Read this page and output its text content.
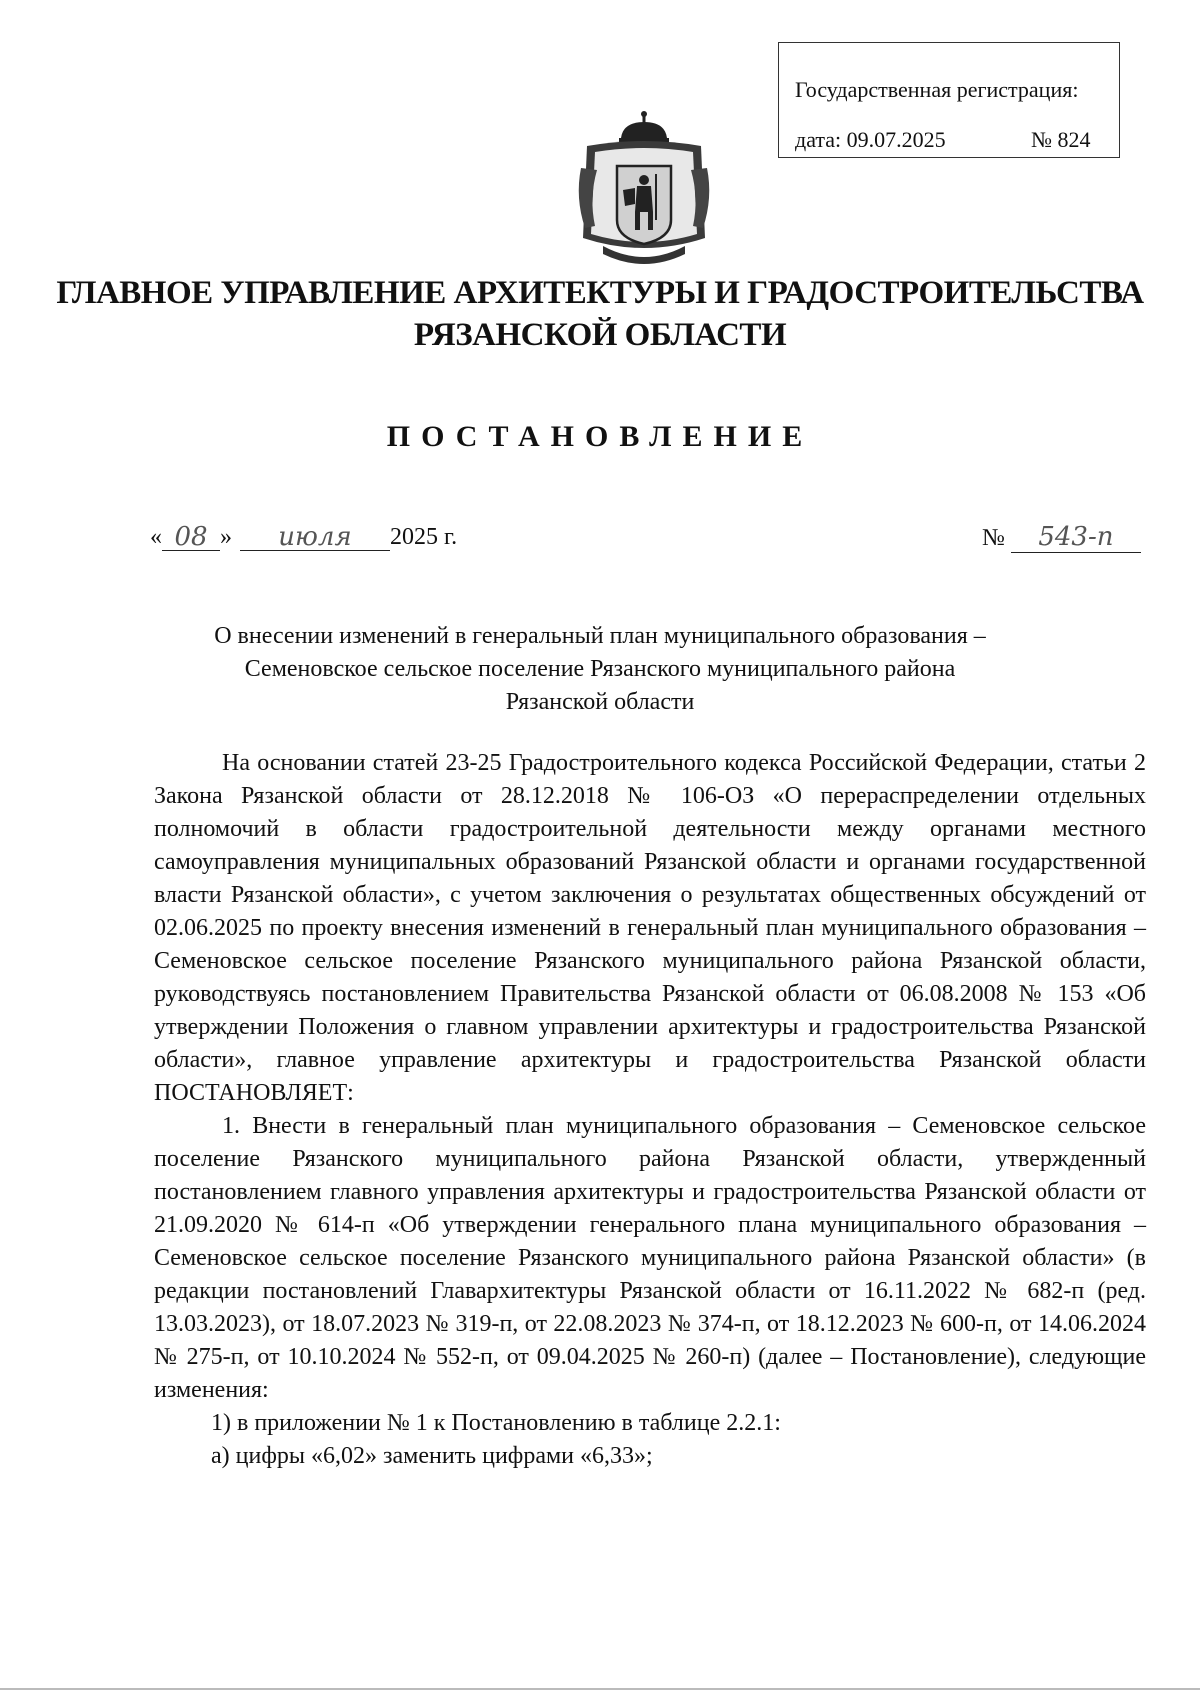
Государственная регистрация:
дата: 09.07.2025	№ 824
ГЛАВНОЕ УПРАВЛЕНИЕ АРХИТЕКТУРЫ И ГРАДОСТРОИТЕЛЬСТВА
РЯЗАНСКОЙ ОБЛАСТИ
ПОСТАНОВЛЕНИЕ
« 08 » июля 2025 г.	№ 543-п
О внесении изменений в генеральный план муниципального образования –
Семеновское сельское поселение Рязанского муниципального района
Рязанской области

На основании статей 23-25 Градостроительного кодекса Российской Федерации, статьи 2 Закона Рязанской области от 28.12.2018 № 106-ОЗ «О перераспределении отдельных полномочий в области градостроительной деятельности между органами местного самоуправления муниципальных образований Рязанской области и органами государственной власти Рязанской области», с учетом заключения о результатах общественных обсуждений от 02.06.2025 по проекту внесения изменений в генеральный план муниципального образования – Семеновское сельское поселение Рязанского муниципального района Рязанской области, руководствуясь постановлением Правительства Рязанской области от 06.08.2008 № 153 «Об утверждении Положения о главном управлении архитектуры и градостроительства Рязанской области», главное управление архитектуры и градостроительства Рязанской области ПОСТАНОВЛЯЕТ:

1. Внести в генеральный план муниципального образования – Семеновское сельское поселение Рязанского муниципального района Рязанской области, утвержденный постановлением главного управления архитектуры и градостроительства Рязанской области от 21.09.2020 № 614-п «Об утверждении генерального плана муниципального образования – Семеновское сельское поселение Рязанского муниципального района Рязанской области» (в редакции постановлений Главархитектуры Рязанской области от 16.11.2022 № 682-п (ред. 13.03.2023), от 18.07.2023 № 319-п, от 22.08.2023 № 374-п, от 18.12.2023 № 600-п, от 14.06.2024 № 275-п, от 10.10.2024 № 552-п, от 09.04.2025 № 260-п) (далее – Постановление), следующие изменения:

1) в приложении № 1 к Постановлению в таблице 2.2.1:

а) цифры «6,02» заменить цифрами «6,33»;
